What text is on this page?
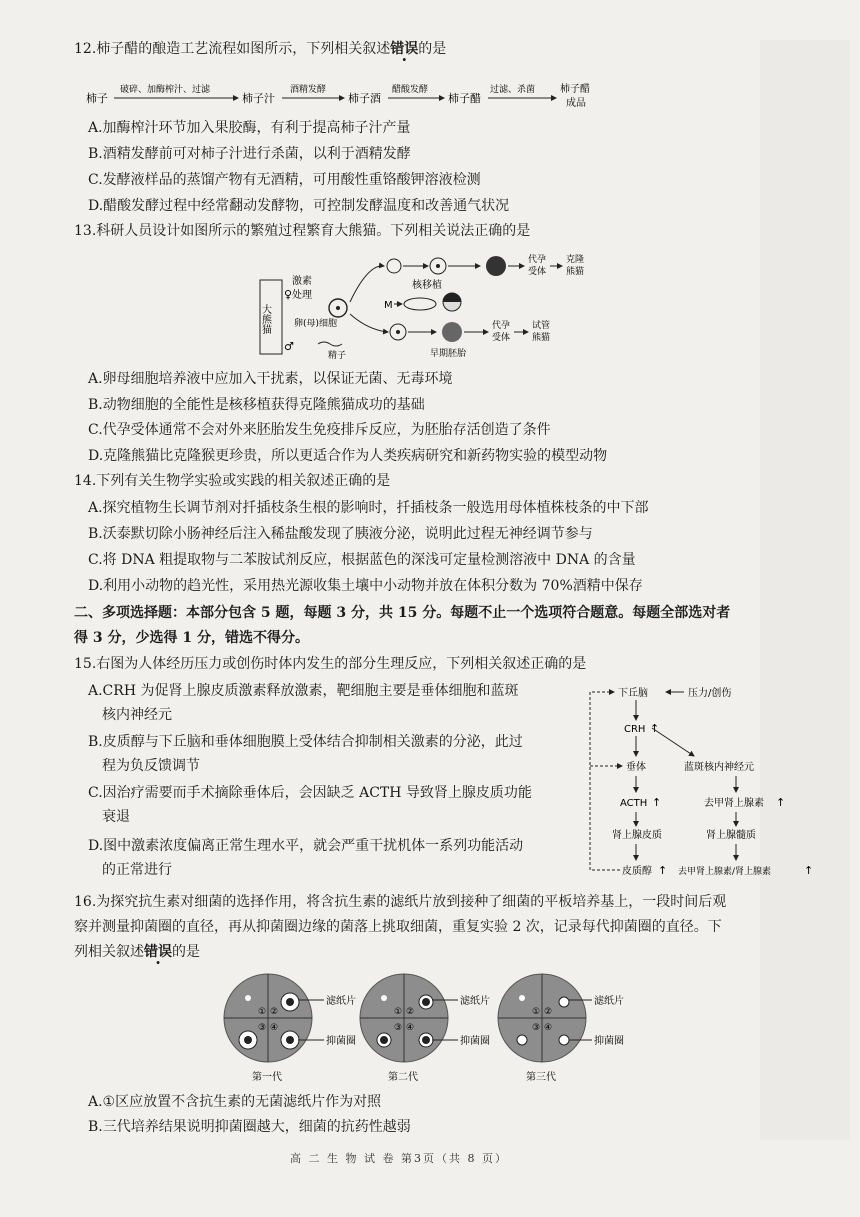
12.柿子醋的酿造工艺流程如图所示，下列相关叙述错误的是
柿子
破碎、加酶榨汁、过滤
柿子汁
酒精发酵
柿子酒
醋酸发酵
柿子醋
过滤、杀菌 柿子醋
成品
A.加酶榨汁环节加入果胶酶，有利于提高柿子汁产量
B.酒精发酵前可对柿子汁进行杀菌，以利于酒精发酵
C.发酵液样品的蒸馏产物有无酒精，可用酸性重铬酸钾溶液检测
D.醋酸发酵过程中经常翻动发酵物，可控制发酵温度和改善通气状况
13.科研人员设计如图所示的繁殖过程繁育大熊猫。下列相关说法正确的是
大熊猫
♀
♂
激素
处理
卵(母)细胞
代孕
受体
克隆
熊猫
核移植
M
早期胚胎
代孕
受体
试管
熊猫
精子
A.卵母细胞培养液中应加入干扰素，以保证无菌、无毒环境
B.动物细胞的全能性是核移植获得克隆熊猫成功的基础
C.代孕受体通常不会对外来胚胎发生免疫排斥反应，为胚胎存活创造了条件
D.克隆熊猫比克隆猴更珍贵，所以更适合作为人类疾病研究和新药物实验的模型动物
14.下列有关生物学实验或实践的相关叙述正确的是
A.探究植物生长调节剂对扦插枝条生根的影响时，扦插枝条一般选用母体植株枝条的中下部
B.沃泰默切除小肠神经后注入稀盐酸发现了胰液分泌，说明此过程无神经调节参与
C.将 DNA 粗提取物与二苯胺试剂反应，根据蓝色的深浅可定量检测溶液中 DNA 的含量
D.利用小动物的趋光性，采用热光源收集土壤中小动物并放在体积分数为 70%酒精中保存
二、多项选择题：本部分包含 5 题，每题 3 分，共 15 分。每题不止一个选项符合题意。每题全部选对者
得 3 分，少选得 1 分，错选不得分。
15.右图为人体经历压力或创伤时体内发生的部分生理反应，下列相关叙述正确的是
A.CRH 为促肾上腺皮质激素释放激素，靶细胞主要是垂体细胞和蓝斑
核内神经元
B.皮质醇与下丘脑和垂体细胞膜上受体结合抑制相关激素的分泌，此过
程为负反馈调节
C.因治疗需要而手术摘除垂体后，会因缺乏 ACTH 导致肾上腺皮质功能
衰退
D.图中激素浓度偏离正常生理水平，就会严重干扰机体一系列功能活动
的正常进行
下丘脑	压力/创伤
CRH ↑
垂体	蓝斑核内神经元
ACTH ↑	去甲肾上腺素 ↑
肾上腺皮质	肾上腺髓质
皮质醇 ↑ 去甲肾上腺素/肾上腺素	↑
16.为探究抗生素对细菌的选择作用，将含抗生素的滤纸片放到接种了细菌的平板培养基上，一段时间后观
察并测量抑菌圈的直径，再从抑菌圈边缘的菌落上挑取细菌，重复实验 2 次，记录每代抑菌圈的直径。下
列相关叙述错误的是
① ②
③ ④
滤纸片
抑菌圈
第一代
① ②
③ ④
滤纸片
抑菌圈
第二代
① ②
③ ④
滤纸片
抑菌圈
第三代
A.①区应放置不含抗生素的无菌滤纸片作为对照
B.三代培养结果说明抑菌圈越大，细菌的抗药性越弱
高 二 生 物 试 卷 第3页（共 8 页）
